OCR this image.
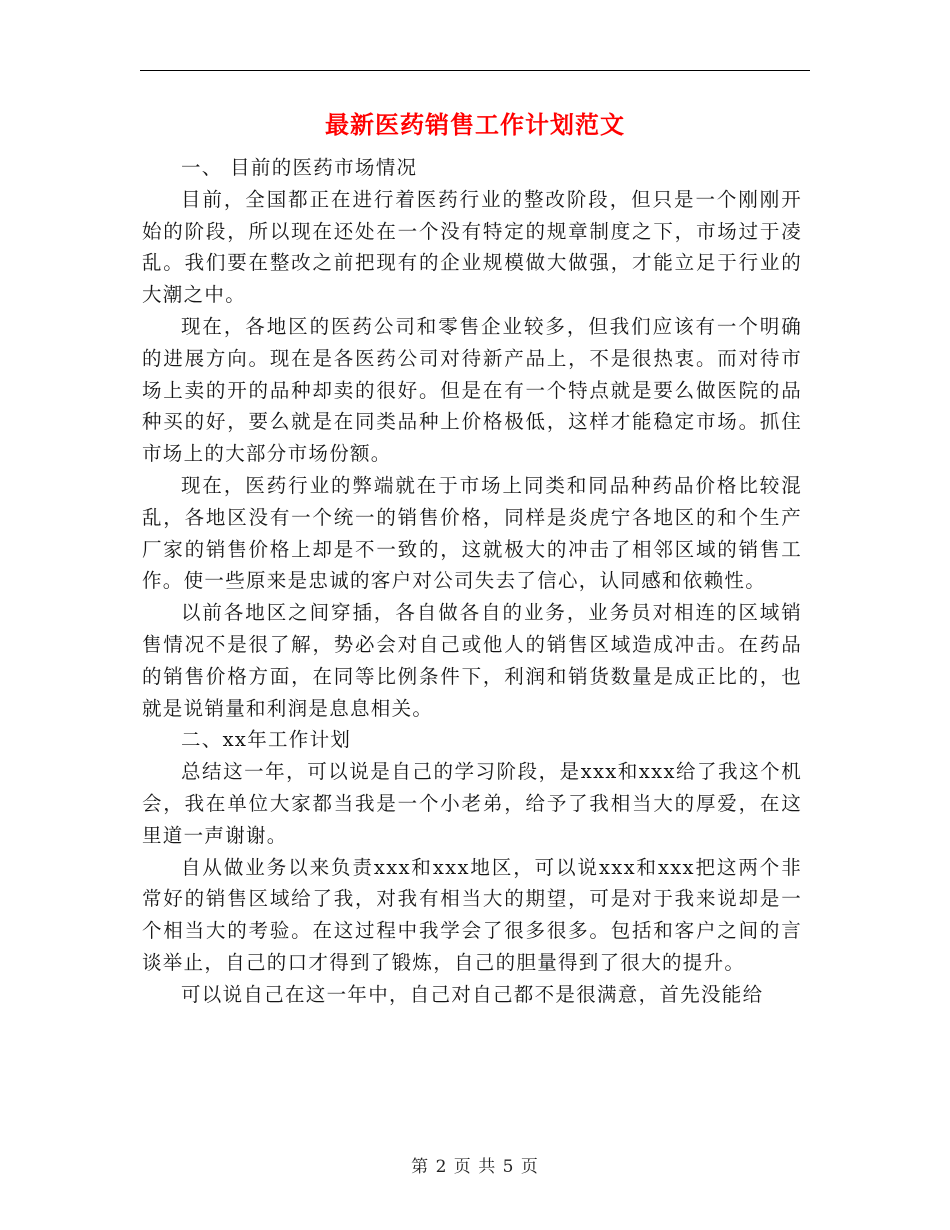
最新医药销售工作计划范文

一、 目前的医药市场情况

目前，全国都正在进行着医药行业的整改阶段，但只是一个刚刚开始的阶段，所以现在还处在一个没有特定的规章制度之下，市场过于凌乱。我们要在整改之前把现有的企业规模做大做强，才能立足于行业的大潮之中。

现在，各地区的医药公司和零售企业较多，但我们应该有一个明确的进展方向。现在是各医药公司对待新产品上，不是很热衷。而对待市场上卖的开的品种却卖的很好。但是在有一个特点就是要么做医院的品种买的好，要么就是在同类品种上价格极低，这样才能稳定市场。抓住市场上的大部分市场份额。

现在，医药行业的弊端就在于市场上同类和同品种药品价格比较混乱，各地区没有一个统一的销售价格，同样是炎虎宁各地区的和个生产厂家的销售价格上却是不一致的，这就极大的冲击了相邻区域的销售工作。使一些原来是忠诚的客户对公司失去了信心，认同感和依赖性。

以前各地区之间穿插，各自做各自的业务，业务员对相连的区域销售情况不是很了解，势必会对自己或他人的销售区域造成冲击。在药品的销售价格方面，在同等比例条件下，利润和销货数量是成正比的，也就是说销量和利润是息息相关。

二、xx年工作计划

总结这一年，可以说是自己的学习阶段，是xxx和xxx给了我这个机会，我在单位大家都当我是一个小老弟，给予了我相当大的厚爱，在这里道一声谢谢。

自从做业务以来负责xxx和xxx地区，可以说xxx和xxx把这两个非常好的销售区域给了我，对我有相当大的期望，可是对于我来说却是一个相当大的考验。在这过程中我学会了很多很多。包括和客户之间的言谈举止，自己的口才得到了锻炼，自己的胆量得到了很大的提升。

可以说自己在这一年中，自己对自己都不是很满意，首先没能给

第 2 页 共 5 页
